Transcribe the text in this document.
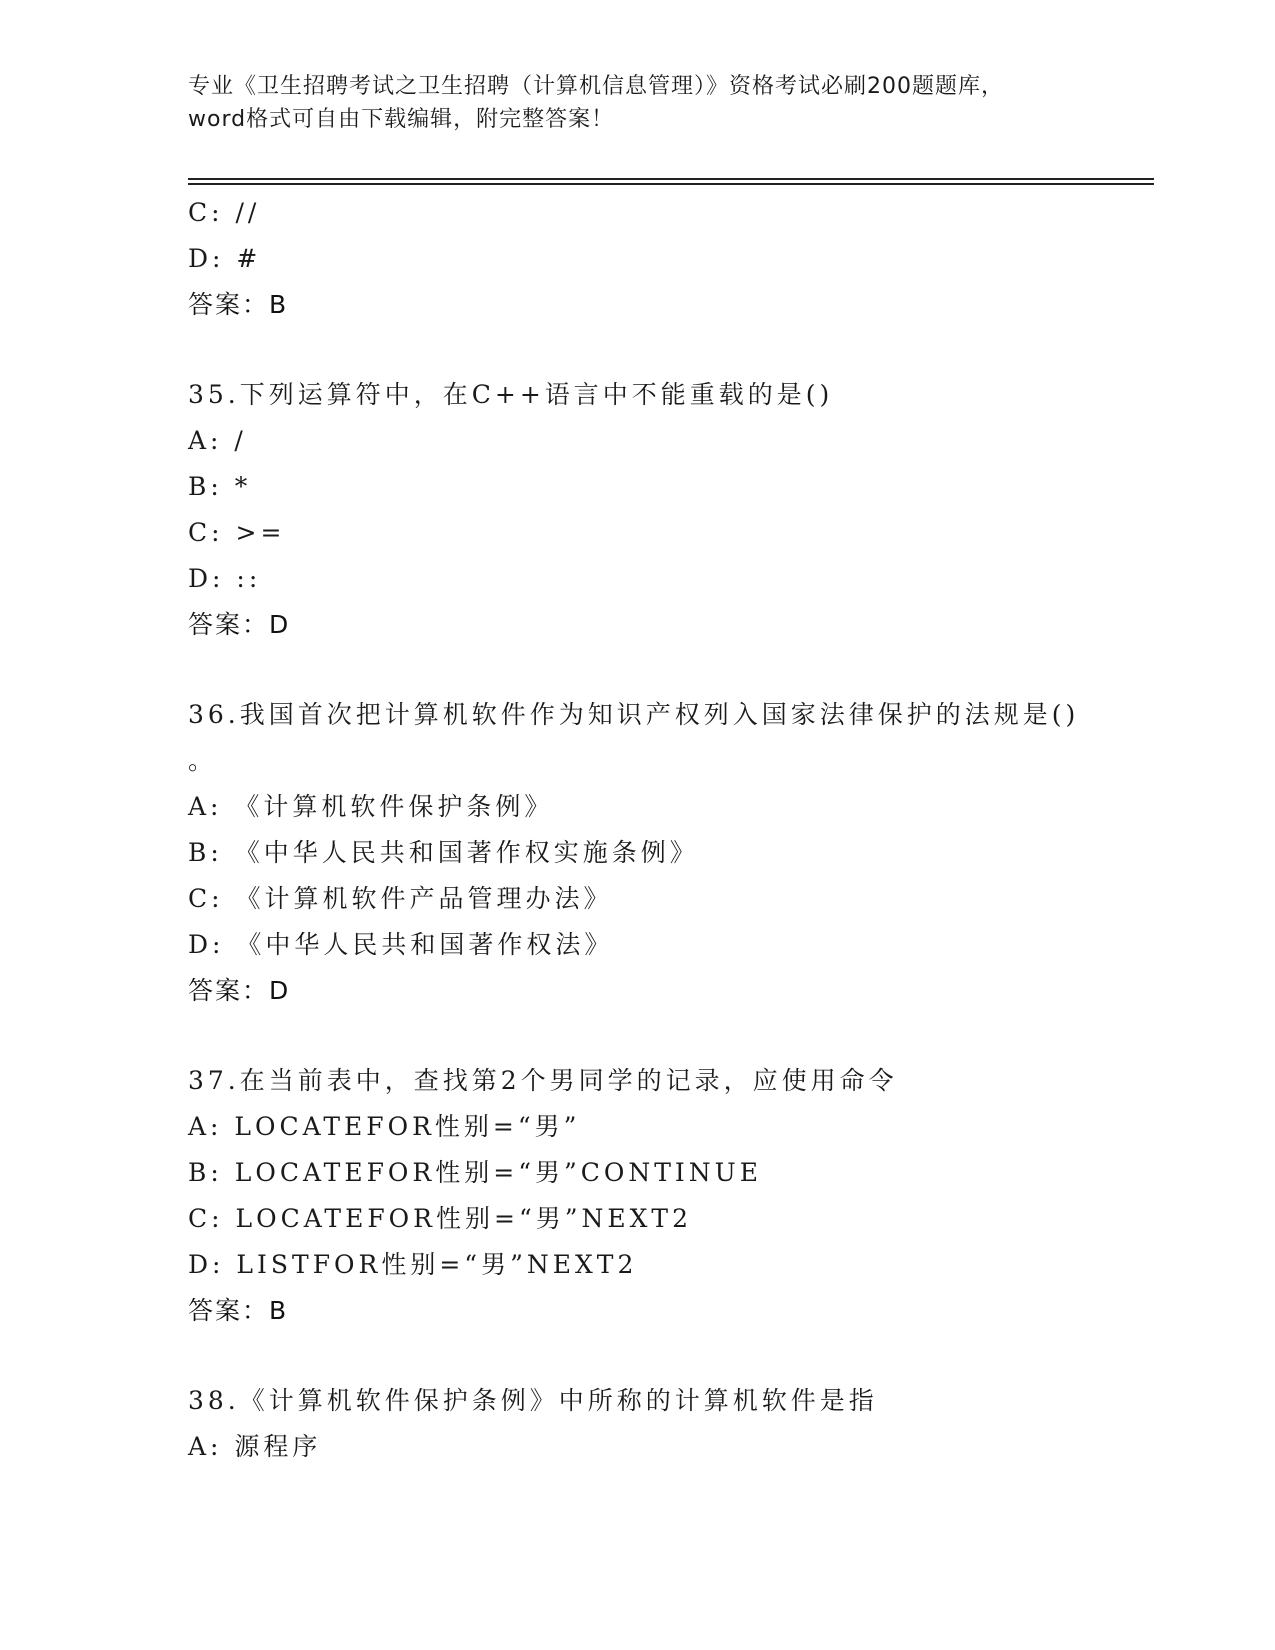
专业《卫生招聘考试之卫生招聘（计算机信息管理）》资格考试必刷200题题库，
word格式可自由下载编辑，附完整答案！
C: //
D: #
答案：B
35.下列运算符中，在C++语言中不能重载的是()
A: /
B: *
C: >=
D: ::
答案：D
36.我国首次把计算机软件作为知识产权列入国家法律保护的法规是()
。
A: 《计算机软件保护条例》
B: 《中华人民共和国著作权实施条例》
C: 《计算机软件产品管理办法》
D: 《中华人民共和国著作权法》
答案：D
37.在当前表中，查找第2个男同学的记录，应使用命令
A: LOCATEFOR性别=“男”
B: LOCATEFOR性别=“男”CONTINUE
C: LOCATEFOR性别=“男”NEXT2
D: LISTFOR性别=“男”NEXT2
答案：B
38.《计算机软件保护条例》中所称的计算机软件是指
A: 源程序
